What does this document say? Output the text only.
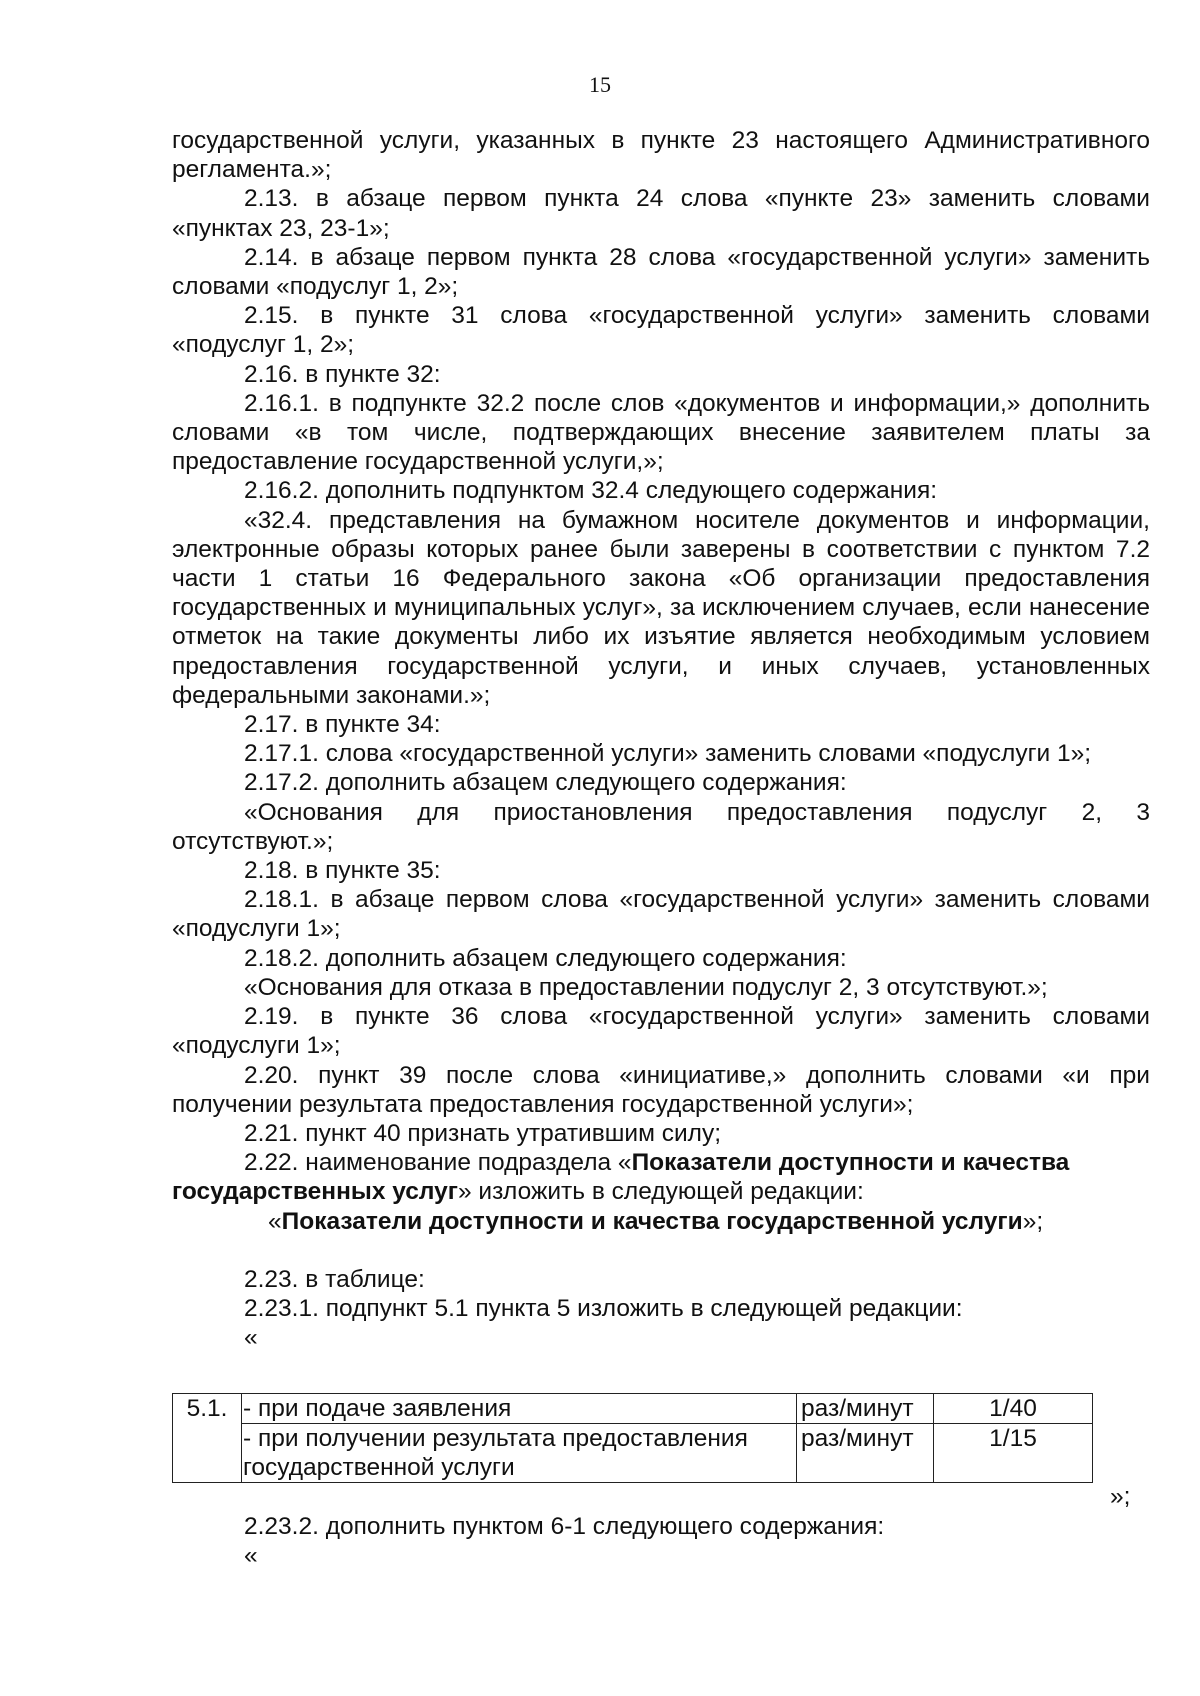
15

государственной услуги, указанных в пункте 23 настоящего Административного регламента.»;

2.13. в абзаце первом пункта 24 слова «пункте 23» заменить словами «пунктах 23, 23-1»;

2.14. в абзаце первом пункта 28 слова «государственной услуги» заменить словами «подуслуг 1, 2»;

2.15. в пункте 31 слова «государственной услуги» заменить словами «подуслуг 1, 2»;

2.16. в пункте 32:

2.16.1. в подпункте 32.2 после слов «документов и информации,» дополнить словами «в том числе, подтверждающих внесение заявителем платы за предоставление государственной услуги,»;

2.16.2. дополнить подпунктом 32.4 следующего содержания:

«32.4. представления на бумажном носителе документов и информации, электронные образы которых ранее были заверены в соответствии с пунктом 7.2 части 1 статьи 16 Федерального закона «Об организации предоставления государственных и муниципальных услуг», за исключением случаев, если нанесение отметок на такие документы либо их изъятие является необходимым условием предоставления государственной услуги, и иных случаев, установленных федеральными законами.»;

2.17. в пункте 34:

2.17.1. слова «государственной услуги» заменить словами «подуслуги 1»;

2.17.2. дополнить абзацем следующего содержания:

«Основания для приостановления предоставления подуслуг 2, 3 отсутствуют.»;

2.18. в пункте 35:

2.18.1. в абзаце первом слова «государственной услуги» заменить словами «подуслуги 1»;

2.18.2. дополнить абзацем следующего содержания:

«Основания для отказа в предоставлении подуслуг 2, 3 отсутствуют.»;

2.19. в пункте 36 слова «государственной услуги» заменить словами «подуслуги 1»;

2.20. пункт 39 после слова «инициативе,» дополнить словами «и при получении результата предоставления государственной услуги»;

2.21. пункт 40 признать утратившим силу;

2.22. наименование подраздела «Показатели доступности и качества государственных услуг» изложить в следующей редакции:

«Показатели доступности и качества государственной услуги»;

2.23. в таблице:

2.23.1. подпункт 5.1 пункта 5 изложить в следующей редакции:

«

5.1.	- при подаче заявления	раз/минут	1/40
	- при получении результата предоставления государственной услуги	раз/минут	1/15
»;

2.23.2. дополнить пунктом 6-1 следующего содержания:

«
